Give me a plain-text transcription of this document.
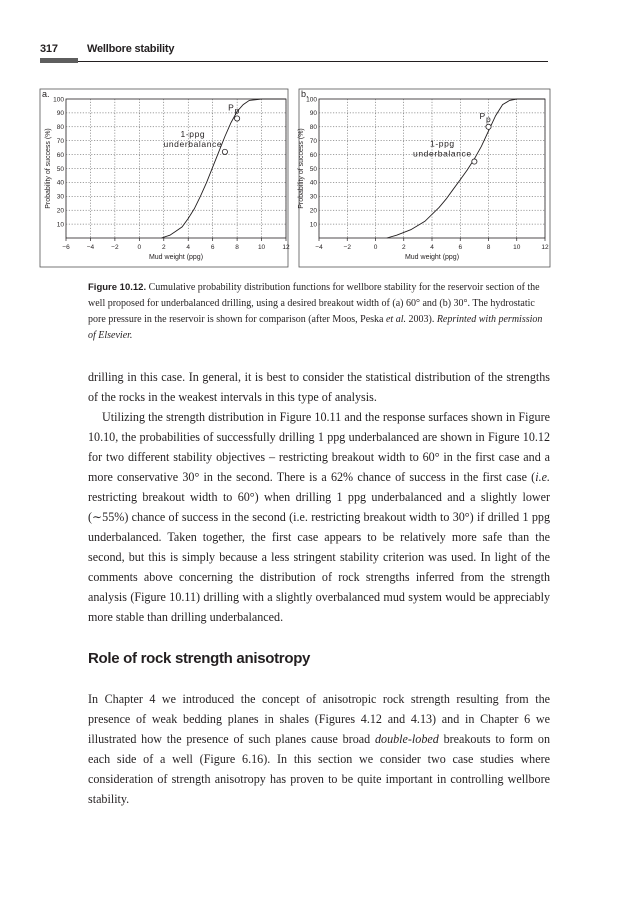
317	Wellbore stability
10
20
30
40
50
60
70
80
90
100
−6	−4	−2	0	2	4	6	8	10	12
Mud weight (ppg)
Probability of success (%)
a.
1-ppg
underbalance
P p
10
20
30
40
50
60
70
80
90
100
−4	−2	0	2	4	6	8	10	12
Mud weight (ppg)
Probability of success (%)
b.
1-ppg
underbalance
P p

Figure 10.12. Cumulative probability distribution functions for wellbore stability for the reservoir section of the well proposed for underbalanced drilling, using a desired breakout width of (a) 60° and (b) 30°. The hydrostatic pore pressure in the reservoir is shown for comparison (after Moos, Peska et al. 2003). Reprinted with permission of Elsevier.

drilling in this case. In general, it is best to consider the statistical distribution of the strengths of the rocks in the weakest intervals in this type of analysis.

Utilizing the strength distribution in Figure 10.11 and the response surfaces shown in Figure 10.10, the probabilities of successfully drilling 1 ppg underbalanced are shown in Figure 10.12 for two different stability objectives – restricting breakout width to 60° in the first case and a more conservative 30° in the second. There is a 62% chance of success in the first case (i.e. restricting breakout width to 60°) when drilling 1 ppg underbalanced and a slightly lower (∼55%) chance of success in the second (i.e. restricting breakout width to 30°) if drilled 1 ppg underbalanced. Taken together, the first case appears to be relatively more safe than the second, but this is simply because a less stringent stability criterion was used. In light of the comments above concerning the distribution of rock strengths inferred from the strength analysis (Figure 10.11) drilling with a slightly overbalanced mud system would be appreciably more stable than drilling underbalanced.

Role of rock strength anisotropy

In Chapter 4 we introduced the concept of anisotropic rock strength resulting from the presence of weak bedding planes in shales (Figures 4.12 and 4.13) and in Chapter 6 we illustrated how the presence of such planes cause broad double-lobed breakouts to form on each side of a well (Figure 6.16). In this section we consider two case studies where consideration of strength anisotropy has proven to be quite important in controlling wellbore stability.
